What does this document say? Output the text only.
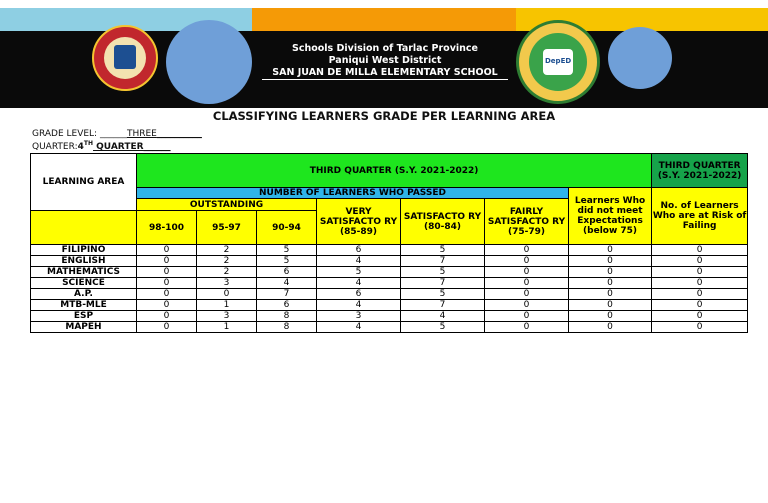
Schools Division of Tarlac Province
Paniqui West District
SAN JUAN DE MILLA ELEMENTARY SCHOOL
DepED
CLASSIFYING LEARNERS GRADE PER LEARNING AREA
GRADE LEVEL: ______THREE__________
QUARTER:4TH QUARTER______
LEARNING AREA	THIRD QUARTER (S.Y. 2021-2022)							THIRD QUARTER (S.Y. 2021-2022)
	NUMBER OF LEARNERS WHO PASSED						Learners Who did not meet Expectations (below 75)	No. of Learners Who are at Risk of Failing
	OUTSTANDING			VERY SATISFACTO RY (85-89)	SATISFACTO RY (80-84)	FAIRLY SATISFACTO RY (75-79)		
	98-100	95-97	90-94					
FILIPINO	0	2	5	6	5	0	0	0
ENGLISH	0	2	5	4	7	0	0	0
MATHEMATICS	0	2	6	5	5	0	0	0
SCIENCE	0	3	4	4	7	0	0	0
A.P.	0	0	7	6	5	0	0	0
MTB-MLE	0	1	6	4	7	0	0	0
ESP	0	3	8	3	4	0	0	0
MAPEH	0	1	8	4	5	0	0	0
